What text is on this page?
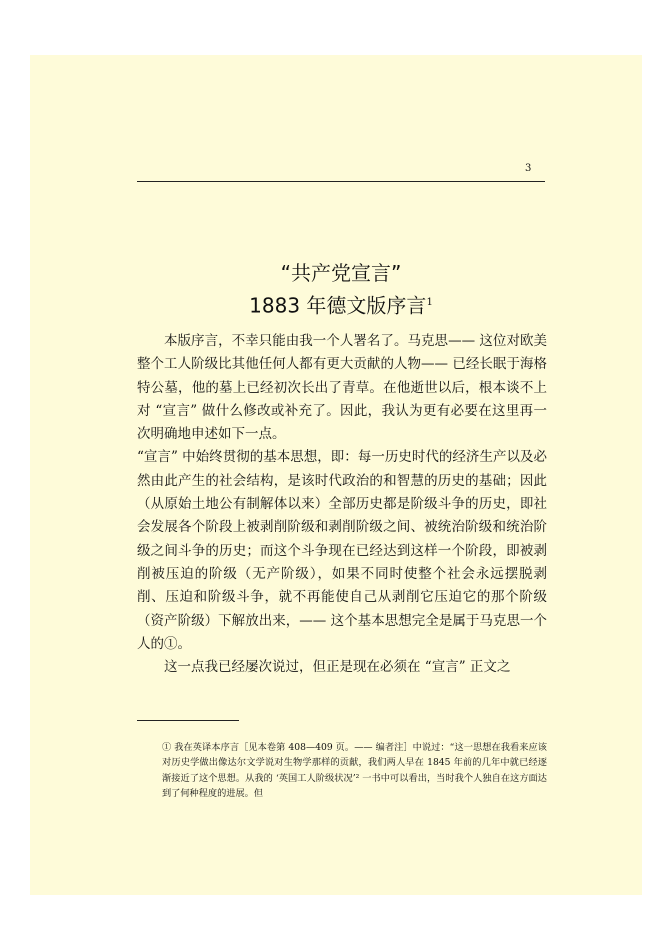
3
“共产党宣言”
1883 年德文版序言$^1$

本版序言，不幸只能由我一个人署名了。马克思—— 这位对欧美整个工人阶级比其他任何人都有更大贡献的人物—— 已经长眠于海格特公墓，他的墓上已经初次长出了青草。在他逝世以后，根本谈不上对 “宣言” 做什么修改或补充了。因此，我认为更有必要在这里再一次明确地申述如下一点。

“宣言” 中始终贯彻的基本思想，即：每一历史时代的经济生产以及必然由此产生的社会结构，是该时代政治的和智慧的历史的基础；因此（从原始土地公有制解体以来）全部历史都是阶级斗争的历史，即社会发展各个阶段上被剥削阶级和剥削阶级之间、被统治阶级和统治阶级之间斗争的历史；而这个斗争现在已经达到这样一个阶段，即被剥削被压迫的阶级（无产阶级），如果不同时使整个社会永远摆脱剥削、压迫和阶级斗争，就不再能使自己从剥削它压迫它的那个阶级（资产阶级）下解放出来，—— 这个基本思想完全是属于马克思一个人的①。

这一点我已经屡次说过，但正是现在必须在 “宣言” 正文之

① 我在英译本序言［见本卷第 408—409 页。—— 编者注］中说过：“这一思想在我看来应该对历史学做出像达尔文学说对生物学那样的贡献，我们两人早在 1845 年前的几年中就已经逐渐接近了这个思想。从我的 ‘英国工人阶级状况’² 一书中可以看出，当时我个人独自在这方面达到了何种程度的进展。但
